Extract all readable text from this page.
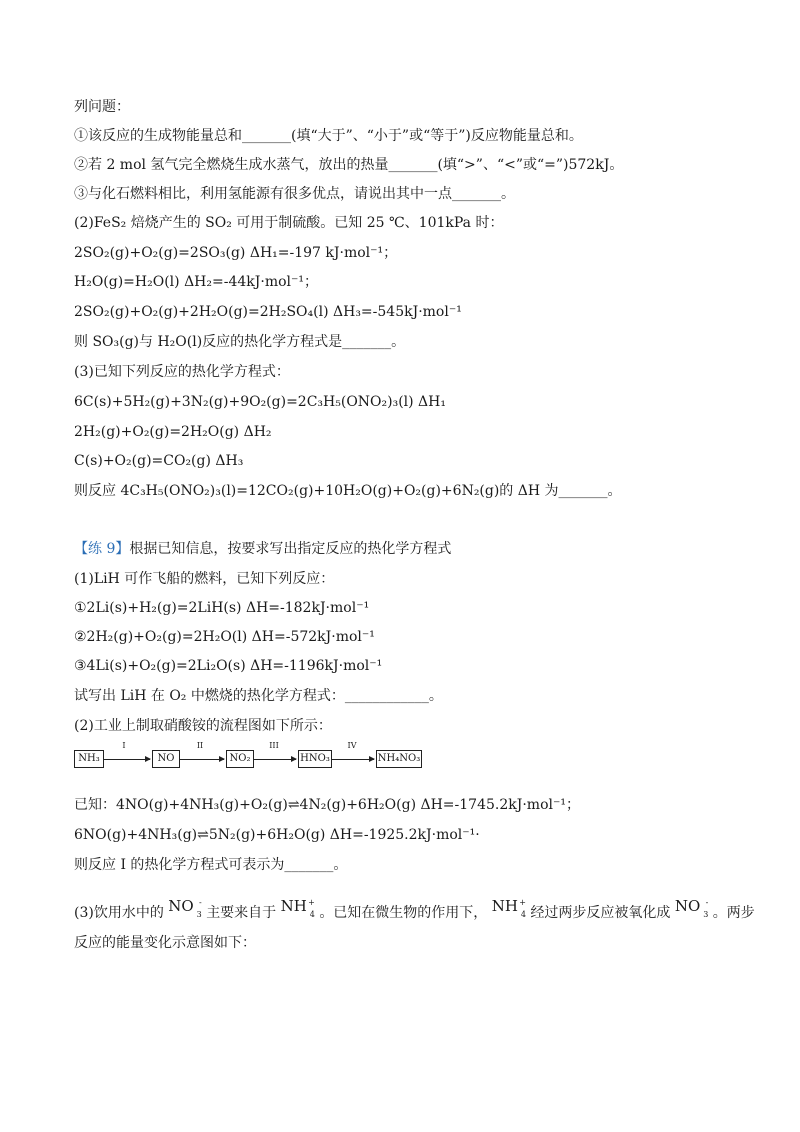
列问题：
①该反应的生成物能量总和_______(填“大于”、“小于”或“等于”)反应物能量总和。
②若 2 mol 氢气完全燃烧生成水蒸气，放出的热量_______(填“>”、“<”或“=”)572kJ。
③与化石燃料相比，利用氢能源有很多优点，请说出其中一点_______。
(2)FeS₂ 焙烧产生的 SO₂ 可用于制硫酸。已知 25 ℃、101kPa 时：
2SO₂(g)+O₂(g)=2SO₃(g) ΔH₁=-197 kJ·mol⁻¹；
H₂O(g)=H₂O(l) ΔH₂=-44kJ·mol⁻¹；
2SO₂(g)+O₂(g)+2H₂O(g)=2H₂SO₄(l) ΔH₃=-545kJ·mol⁻¹
则 SO₃(g)与 H₂O(l)反应的热化学方程式是_______。
(3)已知下列反应的热化学方程式：
6C(s)+5H₂(g)+3N₂(g)+9O₂(g)=2C₃H₅(ONO₂)₃(l) ΔH₁
2H₂(g)+O₂(g)=2H₂O(g) ΔH₂
C(s)+O₂(g)=CO₂(g) ΔH₃
则反应 4C₃H₅(ONO₂)₃(l)=12CO₂(g)+10H₂O(g)+O₂(g)+6N₂(g)的 ΔH 为_______。
【练 9】根据已知信息，按要求写出指定反应的热化学方程式
(1)LiH 可作飞船的燃料，已知下列反应：
①2Li(s)+H₂(g)=2LiH(s) ΔH=-182kJ·mol⁻¹
②2H₂(g)+O₂(g)=2H₂O(l) ΔH=-572kJ·mol⁻¹
③4Li(s)+O₂(g)=2Li₂O(s) ΔH=-1196kJ·mol⁻¹
试写出 LiH 在 O₂ 中燃烧的热化学方程式：____________。
(2)工业上制取硝酸铵的流程图如下所示：
NH₃
I
NO
II
NO₂
III
HNO₃
IV
NH₄NO₃
已知：4NO(g)+4NH₃(g)+O₂(g)⇌4N₂(g)+6H₂O(g) ΔH=-1745.2kJ·mol⁻¹；
6NO(g)+4NH₃(g)⇌5N₂(g)+6H₂O(g) ΔH=-1925.2kJ·mol⁻¹·
则反应 I 的热化学方程式可表示为_______。
(3)饮用水中的 NO -
3 主要来自于 NH +
4 。已知在微生物的作用下， NH +
4 经过两步反应被氧化成 NO -
3 。两步
反应的能量变化示意图如下：
